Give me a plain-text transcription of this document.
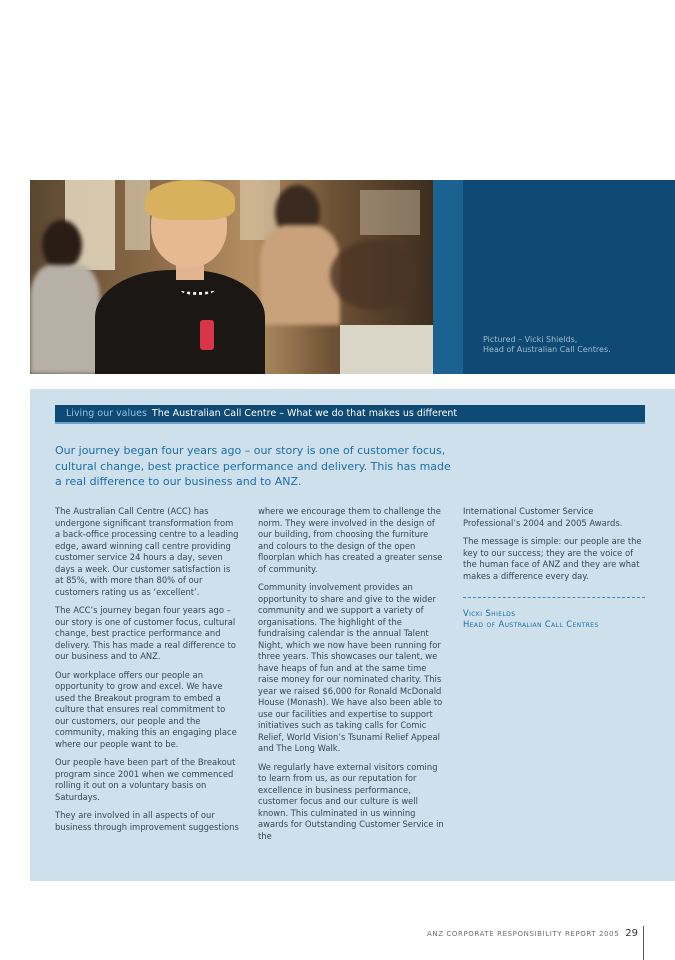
Pictured – Vicki Shields,
Head of Australian Call Centres.
Living our values The Australian Call Centre – What we do that makes us different
Our journey began four years ago – our story is one of customer focus, cultural change, best practice performance and delivery. This has made a real difference to our business and to ANZ.

The Australian Call Centre (ACC) has undergone significant transformation from a back-office processing centre to a leading edge, award winning call centre providing customer service 24 hours a day, seven days a week. Our customer satisfaction is at 85%, with more than 80% of our customers rating us as ‘excellent’.

The ACC’s journey began four years ago – our story is one of customer focus, cultural change, best practice performance and delivery. This has made a real difference to our business and to ANZ.

Our workplace offers our people an opportunity to grow and excel. We have used the Breakout program to embed a culture that ensures real commitment to our customers, our people and the community, making this an engaging place where our people want to be.

Our people have been part of the Breakout program since 2001 when we commenced rolling it out on a voluntary basis on Saturdays.

They are involved in all aspects of our business through improvement suggestions

where we encourage them to challenge the norm. They were involved in the design of our building, from choosing the furniture and colours to the design of the open floorplan which has created a greater sense of community.

Community involvement provides an opportunity to share and give to the wider community and we support a variety of organisations. The highlight of the fundraising calendar is the annual Talent Night, which we now have been running for three years. This showcases our talent, we have heaps of fun and at the same time raise money for our nominated charity. This year we raised $6,000 for Ronald McDonald House (Monash). We have also been able to use our facilities and expertise to support initiatives such as taking calls for Comic Relief, World Vision’s Tsunami Relief Appeal and The Long Walk.

We regularly have external visitors coming to learn from us, as our reputation for excellence in business performance, customer focus and our culture is well known. This culminated in us winning awards for Outstanding Customer Service in the

International Customer Service Professional’s 2004 and 2005 Awards.

The message is simple: our people are the key to our success; they are the voice of the human face of ANZ and they are what makes a difference every day.

Vicki Shields
Head of Australian Call Centres
ANZ CORPORATE RESPONSIBILITY REPORT 2005 29
